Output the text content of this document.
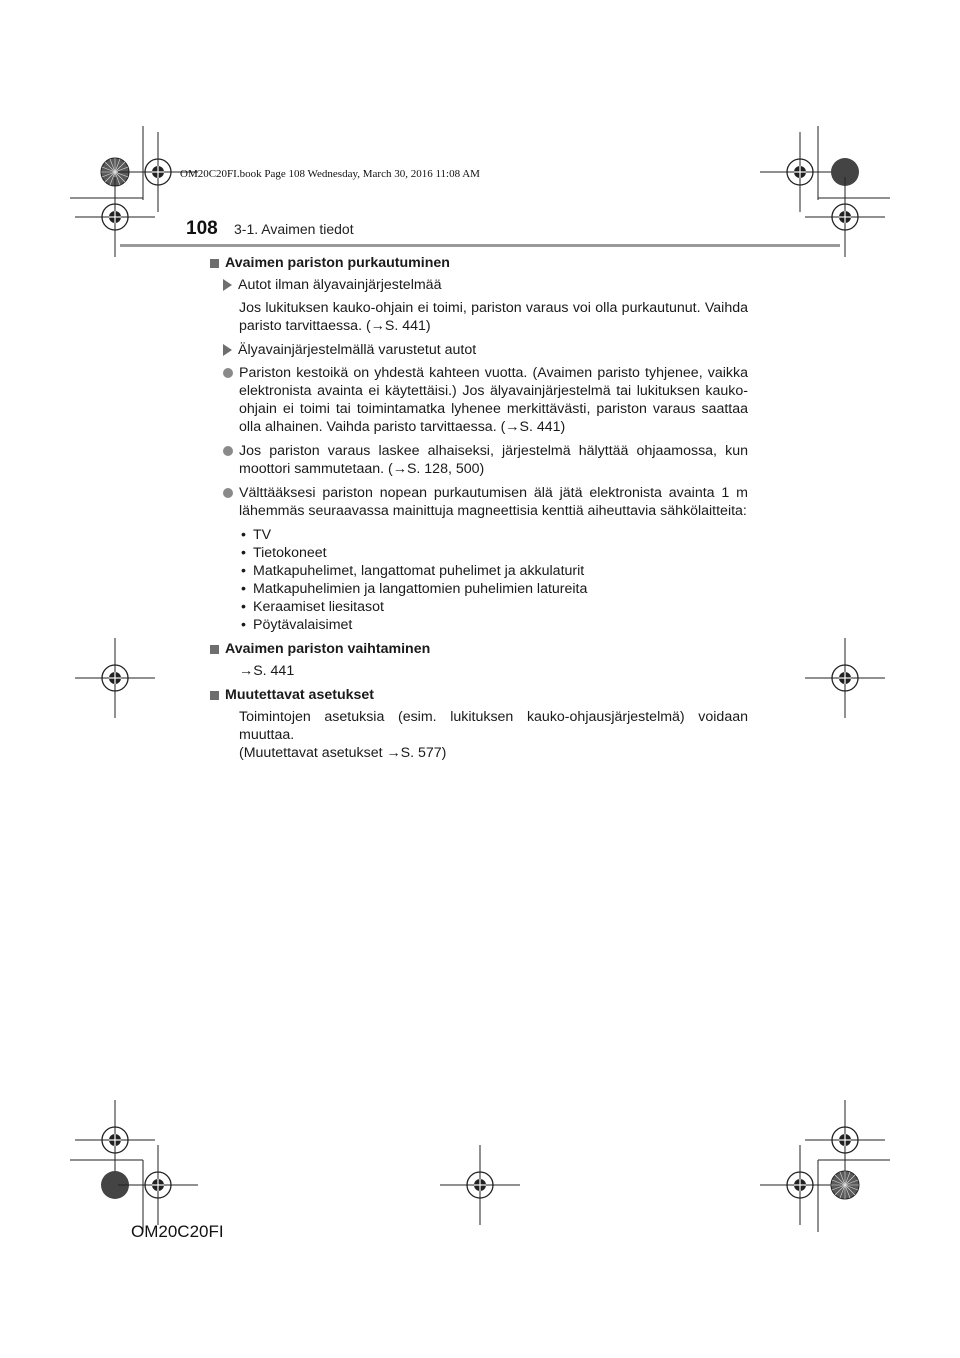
OM20C20FI.book Page 108 Wednesday, March 30, 2016 11:08 AM
108 3-1. Avaimen tiedot
Avaimen pariston purkautuminen
Autot ilman älyavainjärjestelmää
Jos lukituksen kauko-ohjain ei toimi, pariston varaus voi olla purkautunut. Vaihda paristo tarvittaessa. (→S. 441)
Älyavainjärjestelmällä varustetut autot
Pariston kestoikä on yhdestä kahteen vuotta. (Avaimen paristo tyhjenee, vaikka elektronista avainta ei käytettäisi.) Jos älyavainjärjestelmä tai lukituksen kauko-ohjain ei toimi tai toimintamatka lyhenee merkittävästi, pariston varaus saattaa olla alhainen. Vaihda paristo tarvittaessa. (→S. 441)
Jos pariston varaus laskee alhaiseksi, järjestelmä hälyttää ohjaamossa, kun moottori sammutetaan. (→S. 128, 500)
Välttääksesi pariston nopean purkautumisen älä jätä elektronista avainta 1 m lähemmäs seuraavassa mainittuja magneettisia kenttiä aiheuttavia sähkölaitteita:
• TV
• Tietokoneet
• Matkapuhelimet, langattomat puhelimet ja akkulaturit
• Matkapuhelimien ja langattomien puhelimien latureita
• Keraamiset liesitasot
• Pöytävalaisimet
Avaimen pariston vaihtaminen
→S. 441
Muutettavat asetukset
Toimintojen asetuksia (esim. lukituksen kauko-ohjausjärjestelmä) voidaan muuttaa.
(Muutettavat asetukset →S. 577)
OM20C20FI
